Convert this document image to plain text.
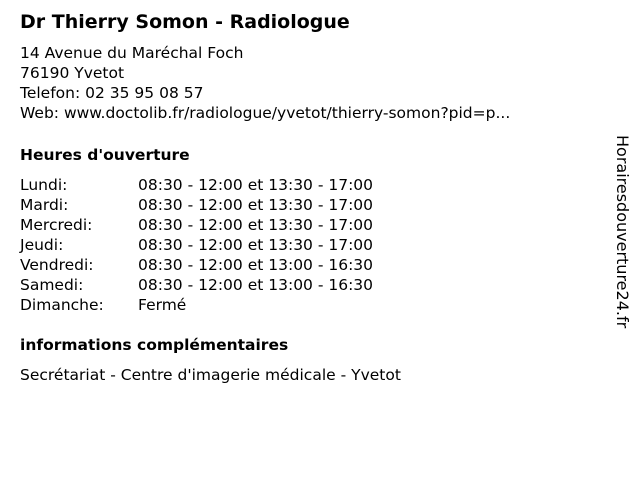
Dr Thierry Somon - Radiologue
14 Avenue du Maréchal Foch
76190 Yvetot
Telefon: 02 35 95 08 57
Web: www.doctolib.fr/radiologue/yvetot/thierry-somon?pid=p...
Heures d'ouverture
Lundi:	08:30 - 12:00 et 13:30 - 17:00
Mardi:	08:30 - 12:00 et 13:30 - 17:00
Mercredi:	08:30 - 12:00 et 13:30 - 17:00
Jeudi:	08:30 - 12:00 et 13:30 - 17:00
Vendredi:	08:30 - 12:00 et 13:00 - 16:30
Samedi:	08:30 - 12:00 et 13:00 - 16:30
Dimanche:	Fermé
informations complémentaires
Secrétariat - Centre d'imagerie médicale - Yvetot
Horairesdouverture24.fr
